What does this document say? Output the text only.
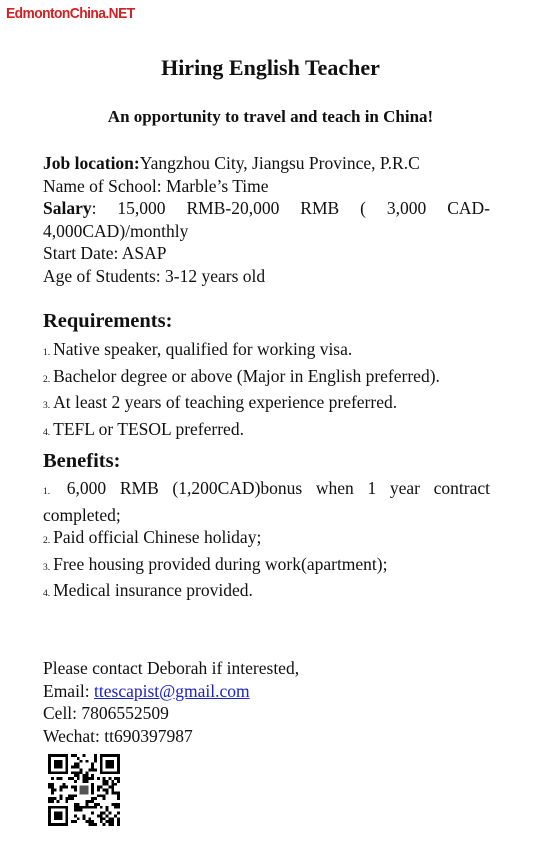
EdmontonChina.NET
Hiring English Teacher
An opportunity to travel and teach in China!
Job location:Yangzhou City, Jiangsu Province, P.R.C
Name of School: Marble’s Time
Salary: 15,000 RMB-20,000 RMB ( 3,000 CAD-
4,000CAD)/monthly
Start Date: ASAP
Age of Students: 3-12 years old
Requirements:
1. Native speaker, qualified for working visa.
2. Bachelor degree or above (Major in English preferred).
3. At least 2 years of teaching experience preferred.
4. TEFL or TESOL preferred.
Benefits:
1. 6,000 RMB (1,200CAD)bonus when 1 year contract
completed;
2. Paid official Chinese holiday;
3. Free housing provided during work(apartment);
4. Medical insurance provided.
Please contact Deborah if interested,
Email: ttescapist@gmail.com
Cell: 7806552509
Wechat: tt690397987
